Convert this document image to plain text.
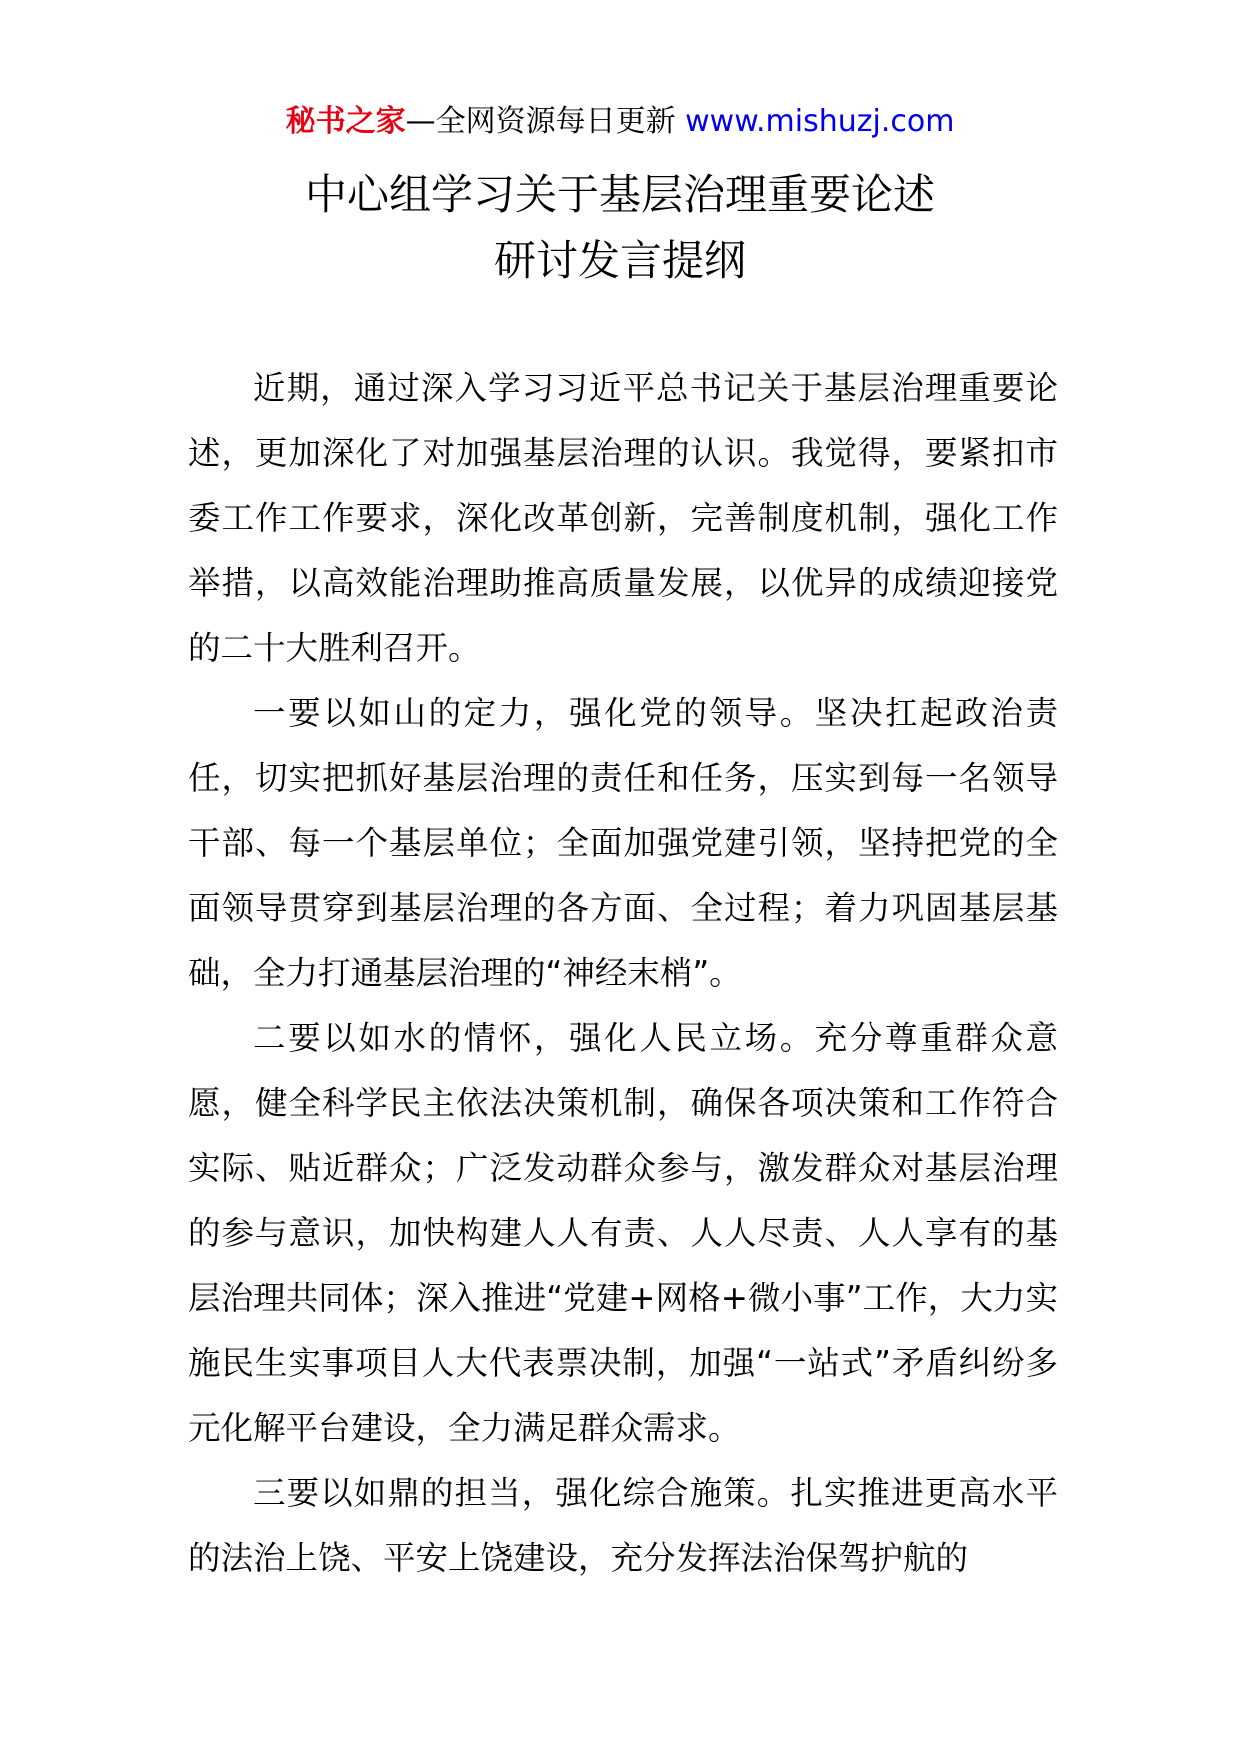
秘书之家—全网资源每日更新 www.mishuzj.com
中心组学习关于基层治理重要论述
研讨发言提纲

近期，通过深入学习习近平总书记关于基层治理重要论述，更加深化了对加强基层治理的认识。我觉得，要紧扣市委工作工作要求，深化改革创新，完善制度机制，强化工作举措，以高效能治理助推高质量发展，以优异的成绩迎接党的二十大胜利召开。

一要以如山的定力，强化党的领导。坚决扛起政治责任，切实把抓好基层治理的责任和任务，压实到每一名领导干部、每一个基层单位；全面加强党建引领，坚持把党的全面领导贯穿到基层治理的各方面、全过程；着力巩固基层基础，全力打通基层治理的“神经末梢”。

二要以如水的情怀，强化人民立场。充分尊重群众意愿，健全科学民主依法决策机制，确保各项决策和工作符合实际、贴近群众；广泛发动群众参与，激发群众对基层治理的参与意识，加快构建人人有责、人人尽责、人人享有的基层治理共同体；深入推进“党建+网格+微小事”工作，大力实施民生实事项目人大代表票决制，加强“一站式”矛盾纠纷多元化解平台建设，全力满足群众需求。

三要以如鼎的担当，强化综合施策。扎实推进更高水平的法治上饶、平安上饶建设，充分发挥法治保驾护航的
